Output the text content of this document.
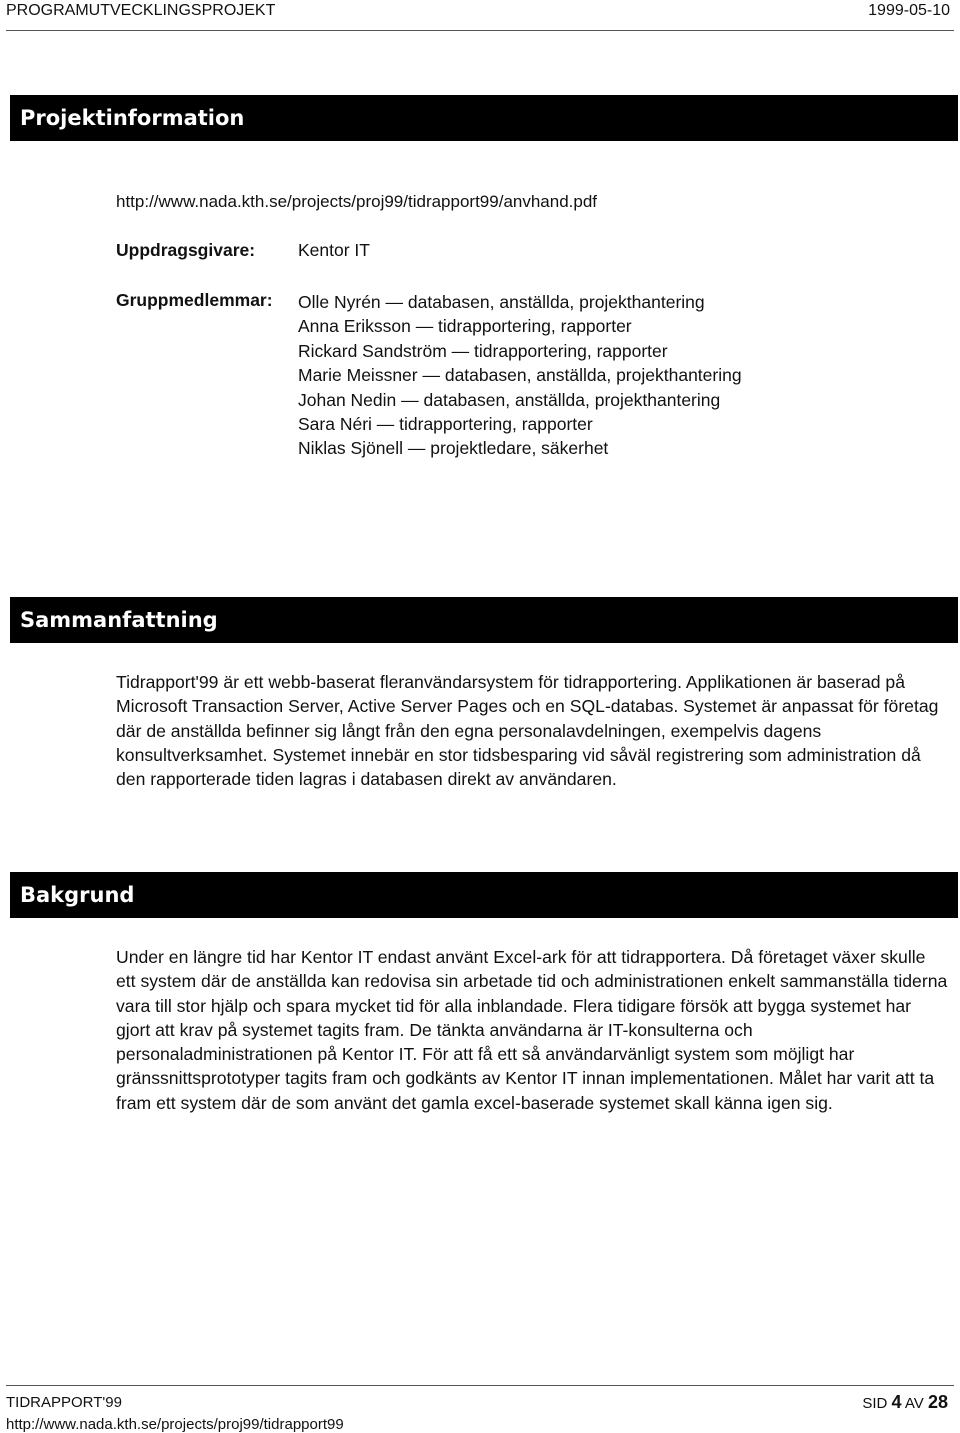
PROGRAMUTVECKLINGSPROJEKT	1999-05-10
Projektinformation
http://www.nada.kth.se/projects/proj99/tidrapport99/anvhand.pdf
Uppdragsgivare: Kentor IT
Gruppmedlemmar: Olle Nyrén — databasen, anställda, projekthantering
Anna Eriksson — tidrapportering, rapporter
Rickard Sandström — tidrapportering, rapporter
Marie Meissner — databasen, anställda, projekthantering
Johan Nedin — databasen, anställda, projekthantering
Sara Néri — tidrapportering, rapporter
Niklas Sjönell — projektledare, säkerhet
Sammanfattning

Tidrapport'99 är ett webb-baserat fleranvändarsystem för tidrapportering. Applikationen är baserad på Microsoft Transaction Server, Active Server Pages och en SQL-databas. Systemet är anpassat för företag där de anställda befinner sig långt från den egna personalavdelningen, exempelvis dagens konsultverksamhet. Systemet innebär en stor tidsbesparing vid såväl registrering som administration då den rapporterade tiden lagras i databasen direkt av användaren.

Bakgrund

Under en längre tid har Kentor IT endast använt Excel-ark för att tidrapportera. Då företaget växer skulle ett system där de anställda kan redovisa sin arbetade tid och administrationen enkelt sammanställa tiderna vara till stor hjälp och spara mycket tid för alla inblandade. Flera tidigare försök att bygga systemet har gjort att krav på systemet tagits fram. De tänkta användarna är IT-konsulterna och personaladministrationen på Kentor IT. För att få ett så användarvänligt system som möjligt har gränssnittsprototyper tagits fram och godkänts av Kentor IT innan implementationen. Målet har varit att ta fram ett system där de som använt det gamla excel-baserade systemet skall känna igen sig.

TIDRAPPORT'99
http://www.nada.kth.se/projects/proj99/tidrapport99
SID 4 AV 28
